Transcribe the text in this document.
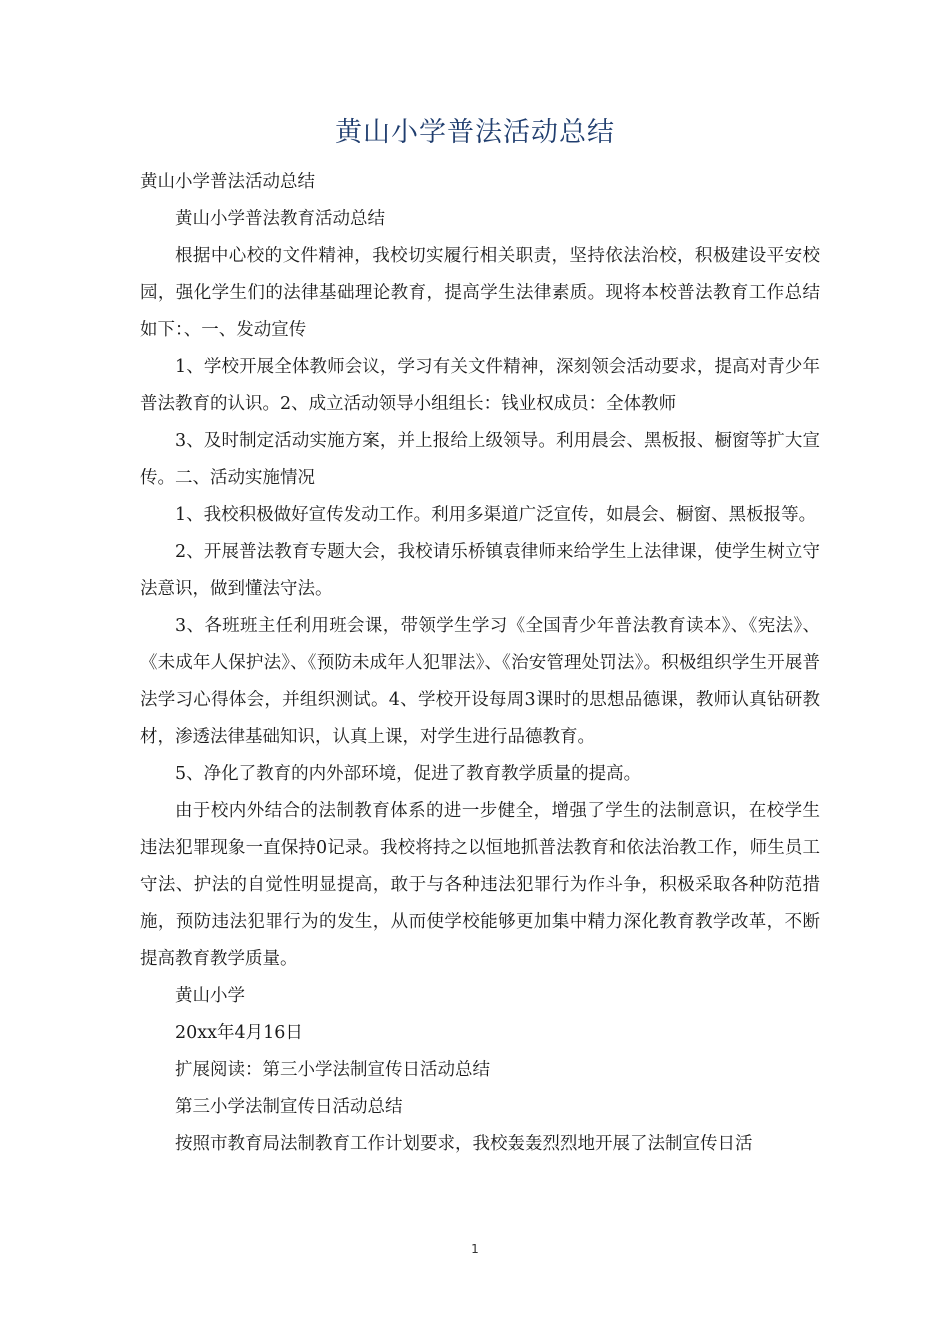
黄山小学普法活动总结

黄山小学普法活动总结

黄山小学普法教育活动总结

根据中心校的文件精神，我校切实履行相关职责，坚持依法治校，积极建设平安校园，强化学生们的法律基础理论教育，提高学生法律素质。现将本校普法教育工作总结如下：、一、发动宣传

1、学校开展全体教师会议，学习有关文件精神，深刻领会活动要求，提高对青少年普法教育的认识。2、成立活动领导小组组长：钱业权成员：全体教师

3、及时制定活动实施方案，并上报给上级领导。利用晨会、黑板报、橱窗等扩大宣传。二、活动实施情况

1、我校积极做好宣传发动工作。利用多渠道广泛宣传，如晨会、橱窗、黑板报等。

2、开展普法教育专题大会，我校请乐桥镇袁律师来给学生上法律课，使学生树立守法意识，做到懂法守法。

3、各班班主任利用班会课，带领学生学习《全国青少年普法教育读本》、《宪法》、《未成年人保护法》、《预防未成年人犯罪法》、《治安管理处罚法》。积极组织学生开展普法学习心得体会，并组织测试。4、学校开设每周3课时的思想品德课，教师认真钻研教材，渗透法律基础知识，认真上课，对学生进行品德教育。

5、净化了教育的内外部环境，促进了教育教学质量的提高。

由于校内外结合的法制教育体系的进一步健全，增强了学生的法制意识，在校学生违法犯罪现象一直保持0记录。我校将持之以恒地抓普法教育和依法治教工作，师生员工守法、护法的自觉性明显提高，敢于与各种违法犯罪行为作斗争，积极采取各种防范措施，预防违法犯罪行为的发生，从而使学校能够更加集中精力深化教育教学改革，不断提高教育教学质量。

黄山小学

20xx年4月16日

扩展阅读：第三小学法制宣传日活动总结

第三小学法制宣传日活动总结

按照市教育局法制教育工作计划要求，我校轰轰烈烈地开展了法制宣传日活

1
